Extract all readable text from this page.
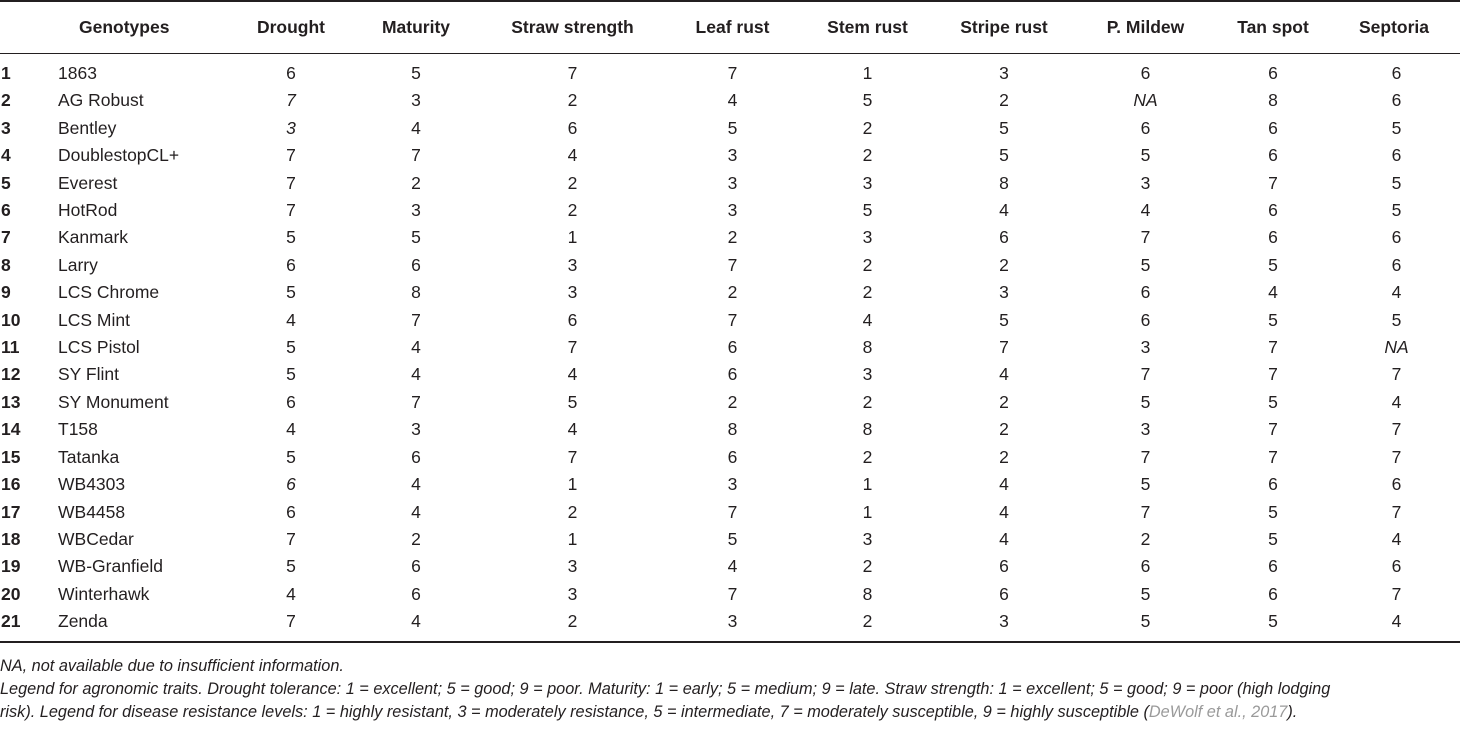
	Genotypes	Drought	Maturity	Straw strength	Leaf rust	Stem rust	Stripe rust	P. Mildew	Tan spot	Septoria
1	1863	6	5	7	7	1	3	6	6	6
2	AG Robust	7	3	2	4	5	2	NA	8	6
3	Bentley	3	4	6	5	2	5	6	6	5
4	DoublestopCL+	7	7	4	3	2	5	5	6	6
5	Everest	7	2	2	3	3	8	3	7	5
6	HotRod	7	3	2	3	5	4	4	6	5
7	Kanmark	5	5	1	2	3	6	7	6	6
8	Larry	6	6	3	7	2	2	5	5	6
9	LCS Chrome	5	8	3	2	2	3	6	4	4
10	LCS Mint	4	7	6	7	4	5	6	5	5
11	LCS Pistol	5	4	7	6	8	7	3	7	NA
12	SY Flint	5	4	4	6	3	4	7	7	7
13	SY Monument	6	7	5	2	2	2	5	5	4
14	T158	4	3	4	8	8	2	3	7	7
15	Tatanka	5	6	7	6	2	2	7	7	7
16	WB4303	6	4	1	3	1	4	5	6	6
17	WB4458	6	4	2	7	1	4	7	5	7
18	WBCedar	7	2	1	5	3	4	2	5	4
19	WB-Granfield	5	6	3	4	2	6	6	6	6
20	Winterhawk	4	6	3	7	8	6	5	6	7
21	Zenda	7	4	2	3	2	3	5	5	4

NA, not available due to insufficient information.

Legend for agronomic traits. Drought tolerance: 1 = excellent; 5 = good; 9 = poor. Maturity: 1 = early; 5 = medium; 9 = late. Straw strength: 1 = excellent; 5 = good; 9 = poor (high lodging

risk). Legend for disease resistance levels: 1 = highly resistant, 3 = moderately resistance, 5 = intermediate, 7 = moderately susceptible, 9 = highly susceptible (DeWolf et al., 2017).
